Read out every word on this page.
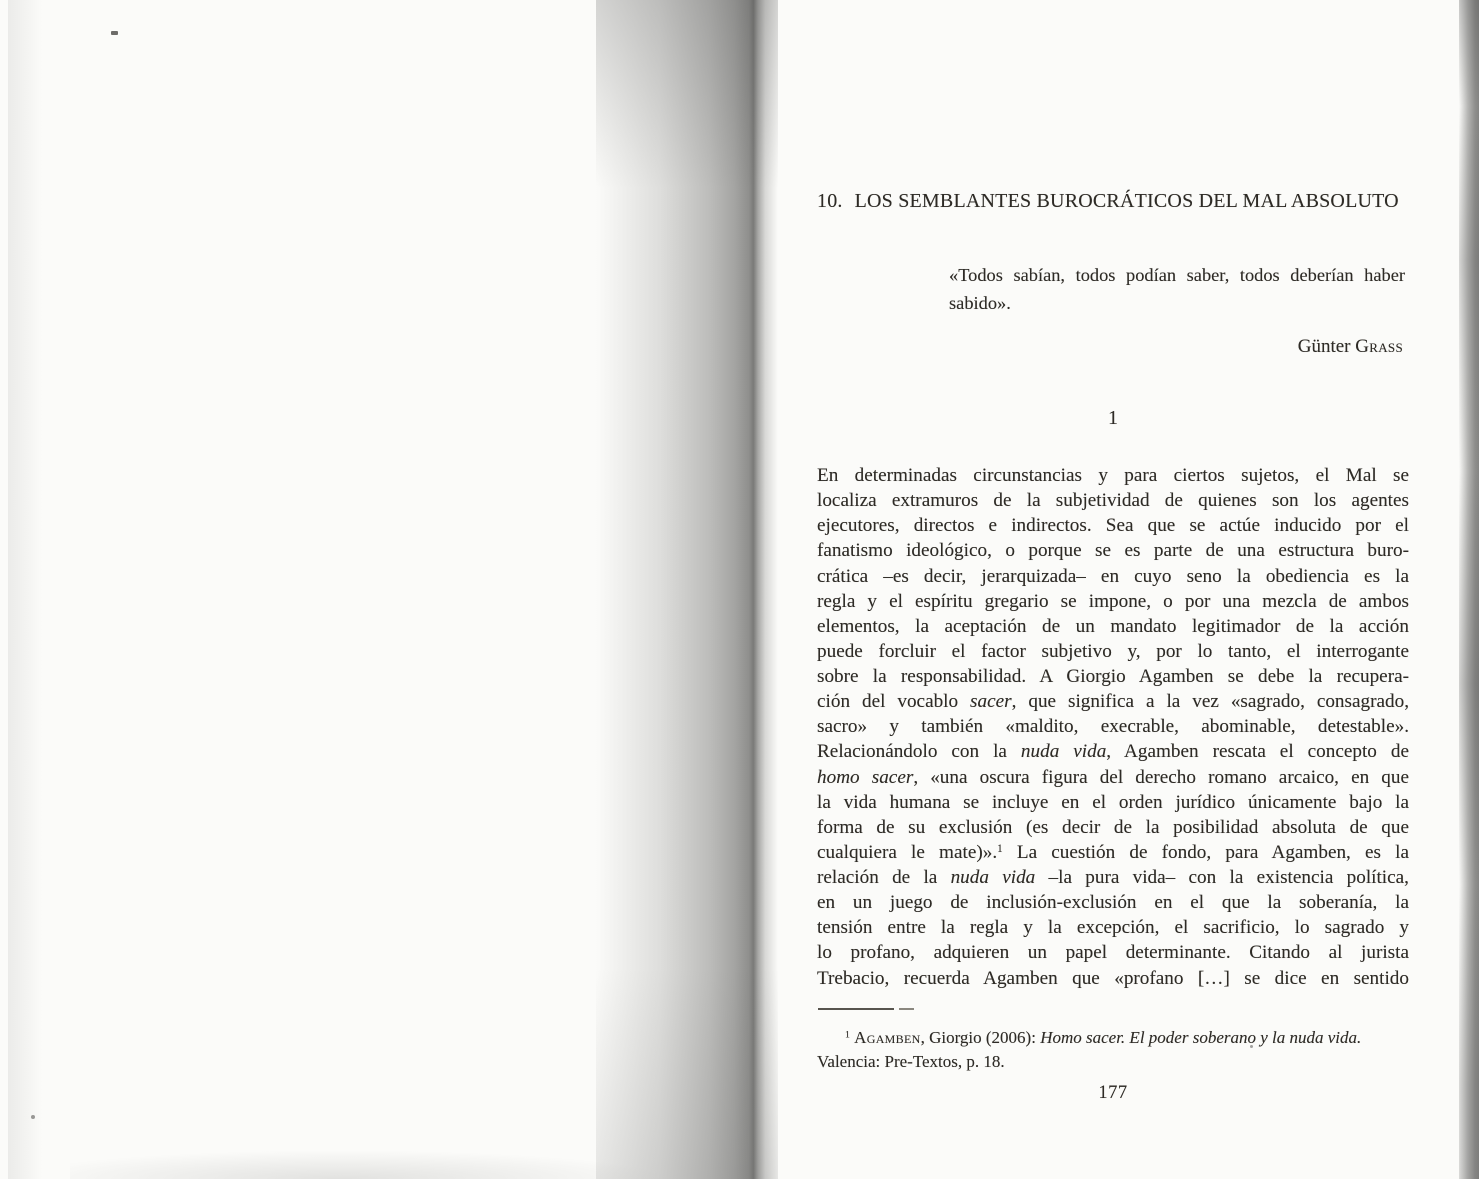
10. LOS SEMBLANTES BUROCRÁTICOS DEL MAL ABSOLUTO
«Todos sabían, todos podían saber, todos deberían haber
sabido».
Günter Grass
1
En determinadas circunstancias y para ciertos sujetos, el Mal se
localiza extramuros de la subjetividad de quienes son los agentes
ejecutores, directos e indirectos. Sea que se actúe inducido por el
fanatismo ideológico, o porque se es parte de una estructura buro-
crática –es decir, jerarquizada– en cuyo seno la obediencia es la
regla y el espíritu gregario se impone, o por una mezcla de ambos
elementos, la aceptación de un mandato legitimador de la acción
puede forcluir el factor subjetivo y, por lo tanto, el interrogante
sobre la responsabilidad. A Giorgio Agamben se debe la recupera-
ción del vocablo sacer, que significa a la vez «sagrado, consagrado,
sacro» y también «maldito, execrable, abominable, detestable».
Relacionándolo con la nuda vida, Agamben rescata el concepto de
homo sacer, «una oscura figura del derecho romano arcaico, en que
la vida humana se incluye en el orden jurídico únicamente bajo la
forma de su exclusión (es decir de la posibilidad absoluta de que
cualquiera le mate)».$^1$ La cuestión de fondo, para Agamben, es la
relación de la nuda vida –la pura vida– con la existencia política,
en un juego de inclusión-exclusión en el que la soberanía, la
tensión entre la regla y la excepción, el sacrificio, lo sagrado y
lo profano, adquieren un papel determinante. Citando al jurista
Trebacio, recuerda Agamben que «profano […] se dice en sentido
$^1$ Agamben, Giorgio (2006): Homo sacer. El poder soberano y la nuda vida.
Valencia: Pre-Textos, p. 18.
177
